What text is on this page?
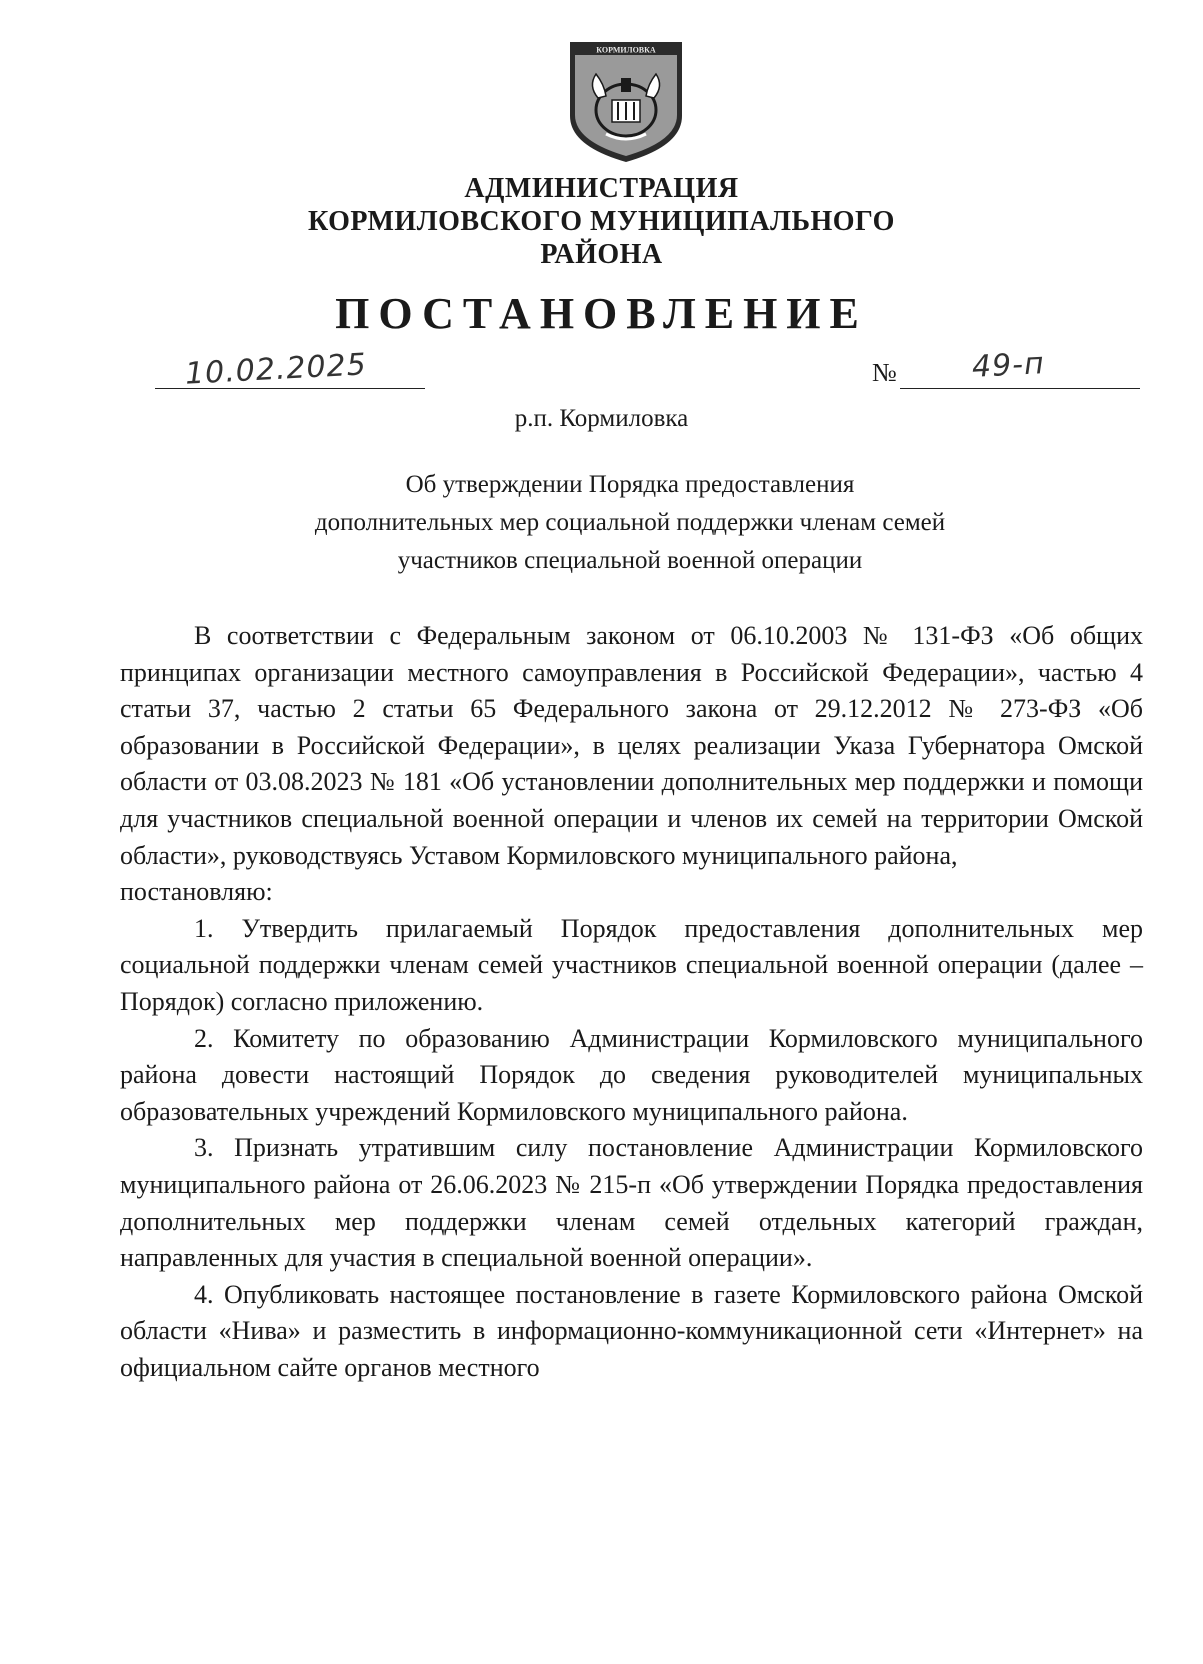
КОРМИЛОВКА
АДМИНИСТРАЦИЯ
КОРМИЛОВСКОГО МУНИЦИПАЛЬНОГО
РАЙОНА
ПОСТАНОВЛЕНИЕ
10.02.2025	№ 49-п
р.п. Кормиловка
Об утверждении Порядка предоставления
дополнительных мер социальной поддержки членам семей
участников специальной военной операции

В соответствии с Федеральным законом от 06.10.2003 № 131-ФЗ «Об общих принципах организации местного самоуправления в Российской Федерации», частью 4 статьи 37, частью 2 статьи 65 Федерального закона от 29.12.2012 № 273-ФЗ «Об образовании в Российской Федерации», в целях реализации Указа Губернатора Омской области от 03.08.2023 № 181 «Об установлении дополнительных мер поддержки и помощи для участников специальной военной операции и членов их семей на территории Омской области», руководствуясь Уставом Кормиловского муниципального района,

постановляю:

1. Утвердить прилагаемый Порядок предоставления дополнительных мер социальной поддержки членам семей участников специальной военной операции (далее – Порядок) согласно приложению.

2. Комитету по образованию Администрации Кормиловского муниципального района довести настоящий Порядок до сведения руководителей муниципальных образовательных учреждений Кормиловского муниципального района.

3. Признать утратившим силу постановление Администрации Кормиловского муниципального района от 26.06.2023 № 215-п «Об утверждении Порядка предоставления дополнительных мер поддержки членам семей отдельных категорий граждан, направленных для участия в специальной военной операции».

4. Опубликовать настоящее постановление в газете Кормиловского района Омской области «Нива» и разместить в информационно-коммуникационной сети «Интернет» на официальном сайте органов местного
